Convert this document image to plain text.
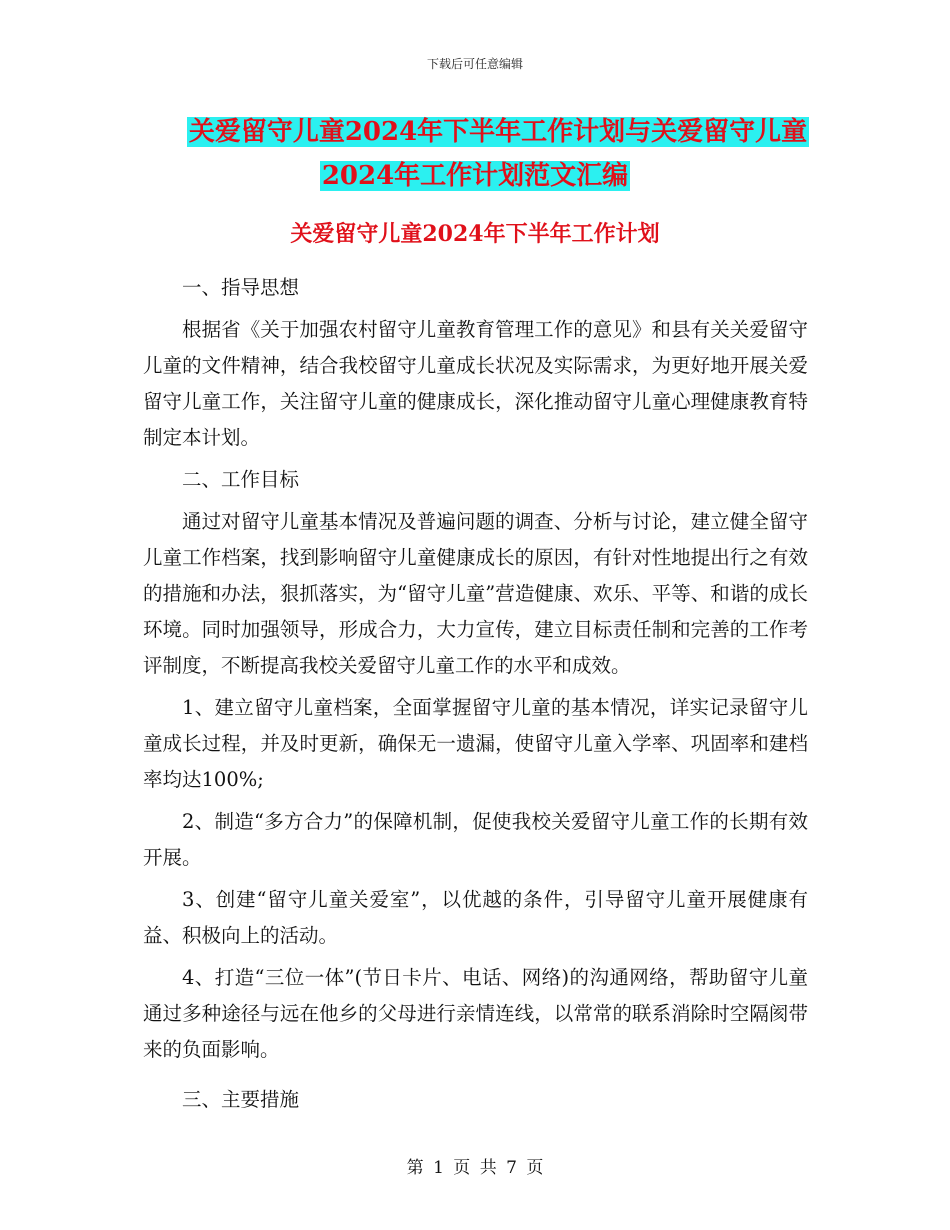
下载后可任意编辑
关爱留守儿童2024年下半年工作计划与关爱留守儿童
2024年工作计划范文汇编
关爱留守儿童2024年下半年工作计划

一、指导思想

根据省《关于加强农村留守儿童教育管理工作的意见》和县有关关爱留守儿童的文件精神，结合我校留守儿童成长状况及实际需求，为更好地开展关爱留守儿童工作，关注留守儿童的健康成长，深化推动留守儿童心理健康教育特制定本计划。

二、工作目标

通过对留守儿童基本情况及普遍问题的调查、分析与讨论，建立健全留守儿童工作档案，找到影响留守儿童健康成长的原因，有针对性地提出行之有效的措施和办法，狠抓落实，为“留守儿童”营造健康、欢乐、平等、和谐的成长环境。同时加强领导，形成合力，大力宣传，建立目标责任制和完善的工作考评制度，不断提高我校关爱留守儿童工作的水平和成效。

1、建立留守儿童档案，全面掌握留守儿童的基本情况，详实记录留守儿童成长过程，并及时更新，确保无一遗漏，使留守儿童入学率、巩固率和建档率均达100%;

2、制造“多方合力”的保障机制，促使我校关爱留守儿童工作的长期有效开展。

3、创建“留守儿童关爱室”，以优越的条件，引导留守儿童开展健康有益、积极向上的活动。

4、打造“三位一体”(节日卡片、电话、网络)的沟通网络，帮助留守儿童通过多种途径与远在他乡的父母进行亲情连线，以常常的联系消除时空隔阂带来的负面影响。

三、主要措施

第 1 页 共 7 页
